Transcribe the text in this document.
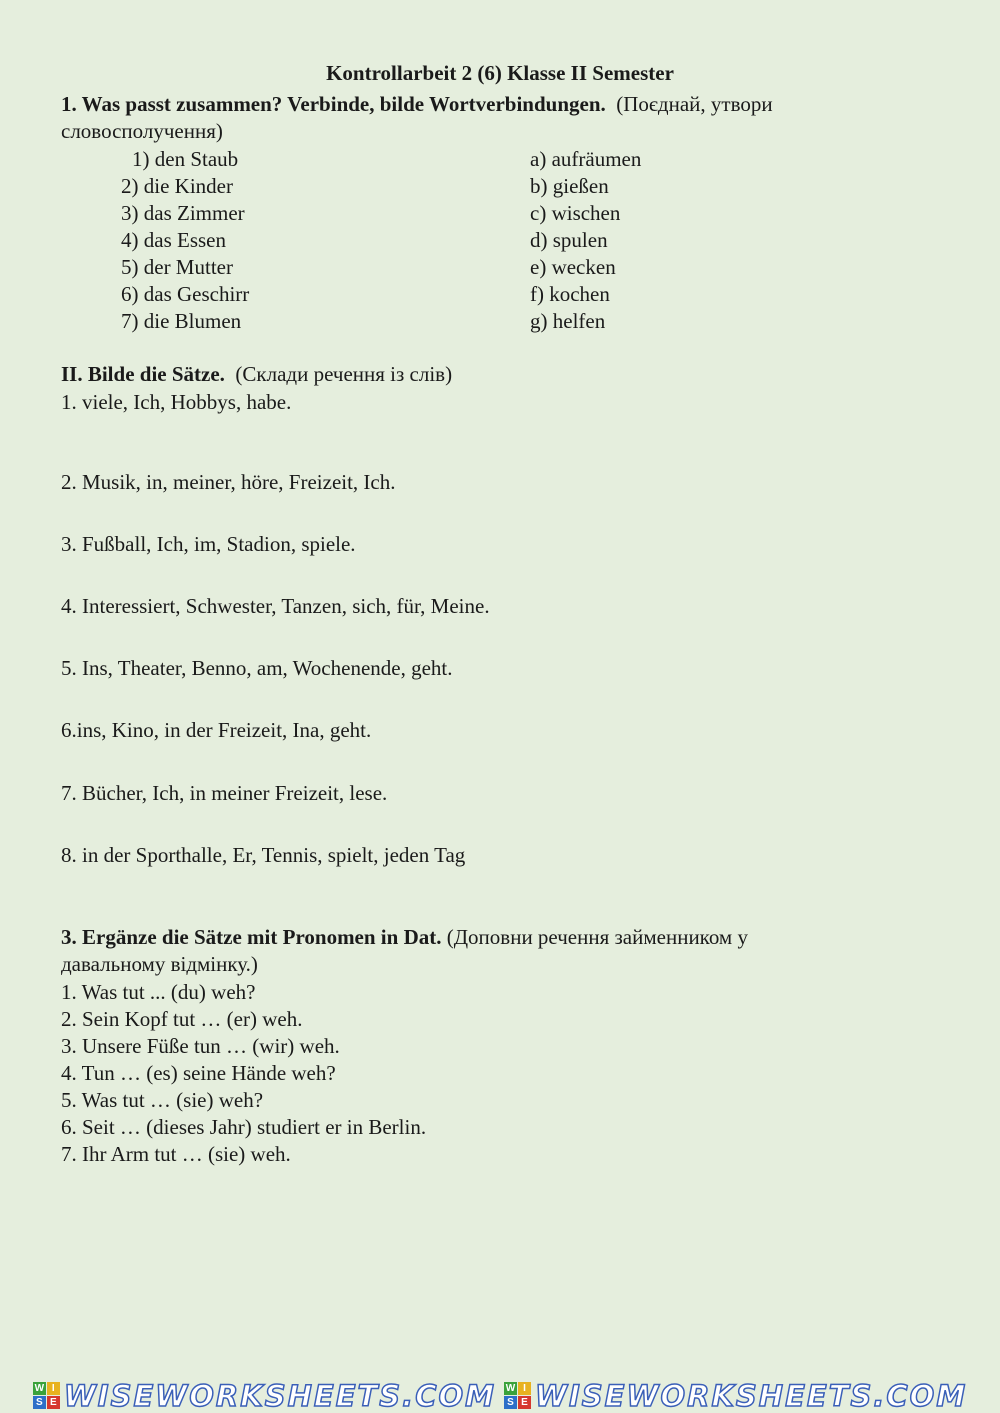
Kontrollarbeit 2 (6) Klasse II Semester
1. Was passt zusammen? Verbinde, bilde Wortverbindungen. (Поєднай, утвори
словосполучення)
1) den Staub
2) die Kinder
3) das Zimmer
4) das Essen
5) der Mutter
6) das Geschirr
7) die Blumen
a) aufräumen
b) gießen
c) wischen
d) spulen
e) wecken
f) kochen
g) helfen
II. Bilde die Sätze. (Склади речення із слів)
1. viele, Ich, Hobbys, habe.
2. Musik, in, meiner, höre, Freizeit, Ich.
3. Fußball, Ich, im, Stadion, spiele.
4. Interessiert, Schwester, Tanzen, sich, für, Meine.
5. Ins, Theater, Benno, am, Wochenende, geht.
6.ins, Kino, in der Freizeit, Ina, geht.
7. Bücher, Ich, in meiner Freizeit, lese.
8. in der Sporthalle, Er, Tennis, spielt, jeden Tag
3. Ergänze die Sätze mit Pronomen in Dat. (Доповни речення займенником у
давальному відмінку.)
1. Was tut ... (du) weh?
2. Sein Kopf tut … (er) weh.
3. Unsere Füße tun … (wir) weh.
4. Tun … (es) seine Hände weh?
5. Was tut … (sie) weh?
6. Seit … (dieses Jahr) studiert er in Berlin.
7. Ihr Arm tut … (sie) weh.
W I
S E WISEWORKSHEETS.COM W I
S E WISEWORKSHEETS.COM
